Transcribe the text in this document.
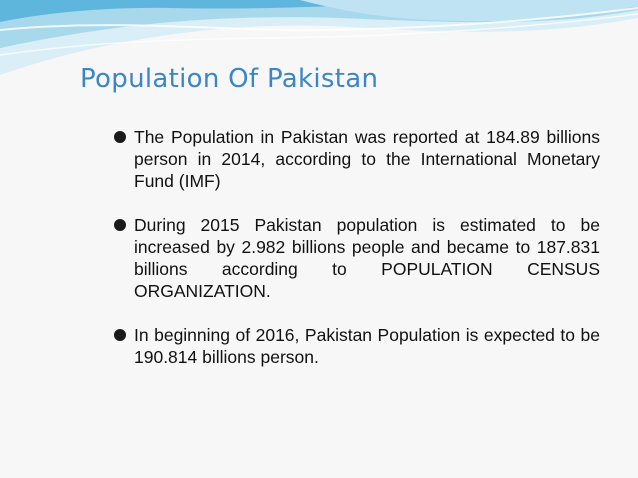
Population Of Pakistan
The Population in Pakistan was reported at 184.89 billions person in 2014, according to the International Monetary Fund (IMF)
During 2015 Pakistan population is estimated to be increased by 2.982 billions people and became to 187.831 billions according to POPULATION CENSUS ORGANIZATION.
In beginning of 2016, Pakistan Population is expected to be 190.814 billions person.
